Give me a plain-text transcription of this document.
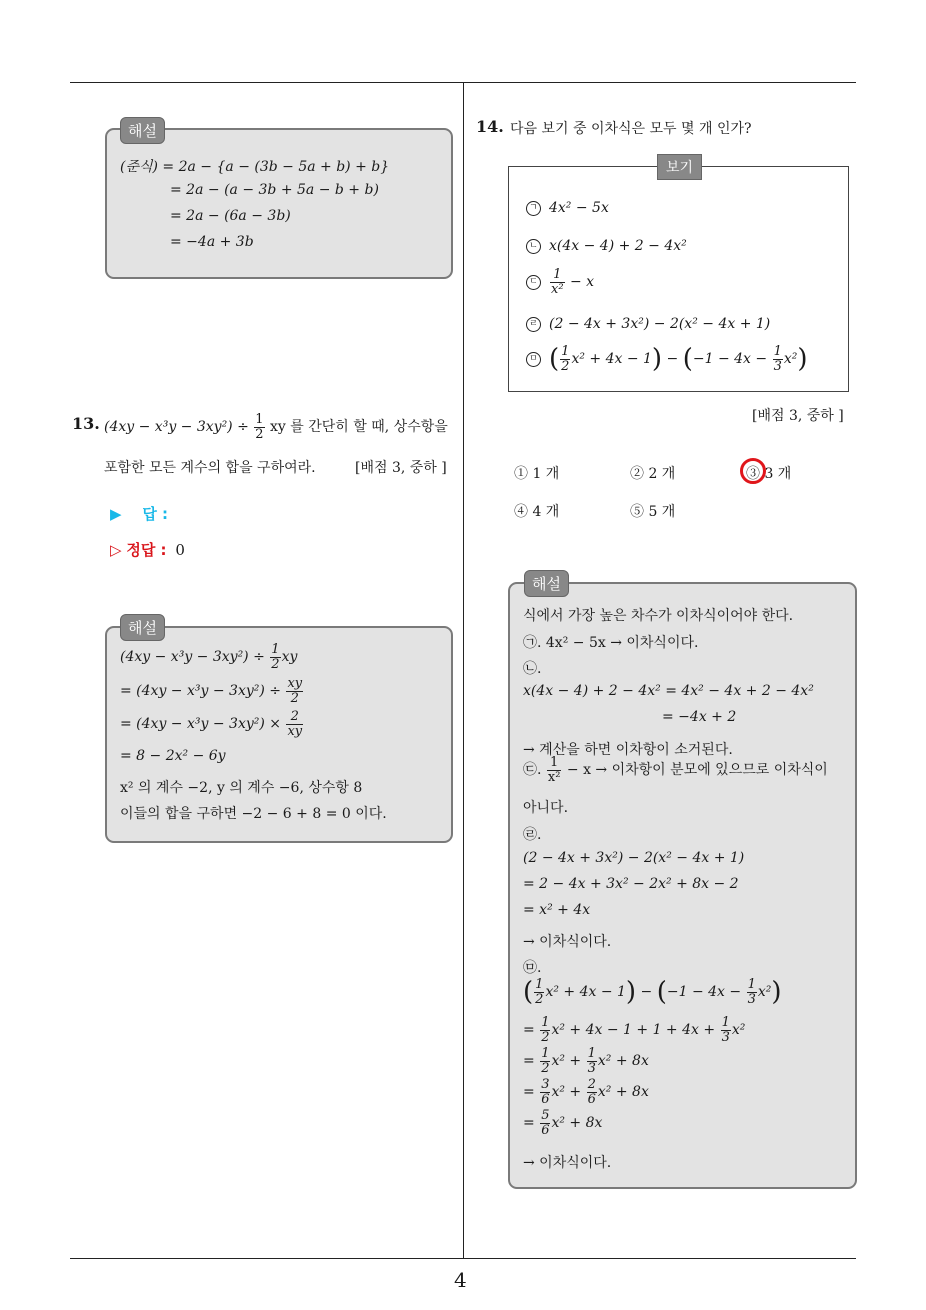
해설
(준식) = 2a − {a − (3b − 5a + b) + b}
= 2a − (a − 3b + 5a − b + b)
= 2a − (6a − 3b)
= −4a + 3b
13. $(4xy - x^3y - 3xy^2) \div \frac{1}{2}$ xy 를 간단히 할 때, 상수항을
포함한 모든 계수의 합을 구하여라.	[배점 3, 중하 ]
▶ 답 :
▷ 정답 : 0
해설
$(4xy - x^3y - 3xy^2) \div \frac{1}{2}$ xy
= $(4xy - x^3y - 3xy^2) \div \frac{xy}{2}$
= $(4xy - x^3y - 3xy^2) \times \frac{2}{xy}$
= 8 − 2x² − 6y
x² 의 계수 −2, y 의 계수 −6, 상수항 8
이들의 합을 구하면 −2 − 6 + 8 = 0 이다.
14. 다음 보기 중 이차식은 모두 몇 개 인가?
보기
ㄱ 4x² − 5x
ㄴ x(4x − 4) + 2 − 4x²
ㄷ $\frac{1}{\text{x²}} - x$
ㄹ (2 − 4x + 3x²) − 2(x² − 4x + 1)
ㅁ ( $\frac{1}{2} x^2 + 4x - 1) - (-1 - 4x - \frac{1}{3} x^2)$
[배점 3, 중하 ]
① 1 개	② 2 개	③ 3 개
④ 4 개	⑤ 5 개
해설
식에서 가장 높은 차수가 이차식이어야 한다.
㉠. 4x² − 5x → 이차식이다.
㉡.
x(4x − 4) + 2 − 4x² = 4x² − 4x + 2 − 4x²
= −4x + 2
→ 계산을 하면 이차항이 소거된다.
㉢. $\frac{1}{\text{x²}} - x$ → 이차항이 분모에 있으므로 이차식이
아니다.
㉣.
(2 − 4x + 3x²) − 2(x² − 4x + 1)
= 2 − 4x + 3x² − 2x² + 8x − 2
= x² + 4x
→ 이차식이다.
㉤.
( $\frac{1}{2} x^2 + 4x - 1) - (-1 - 4x - \frac{1}{3} x^2)$
= $\frac{1}{2} x^2 + 4x - 1 + 1 + 4x + \frac{1}{3} x^2$
= $\frac{1}{2} x^2 + \frac{1}{3} x^2 + 8x$
= $\frac{3}{6} x^2 + \frac{2}{6} x^2 + 8x$
= $\frac{5}{6} x^2 + 8x$
→ 이차식이다.
4
